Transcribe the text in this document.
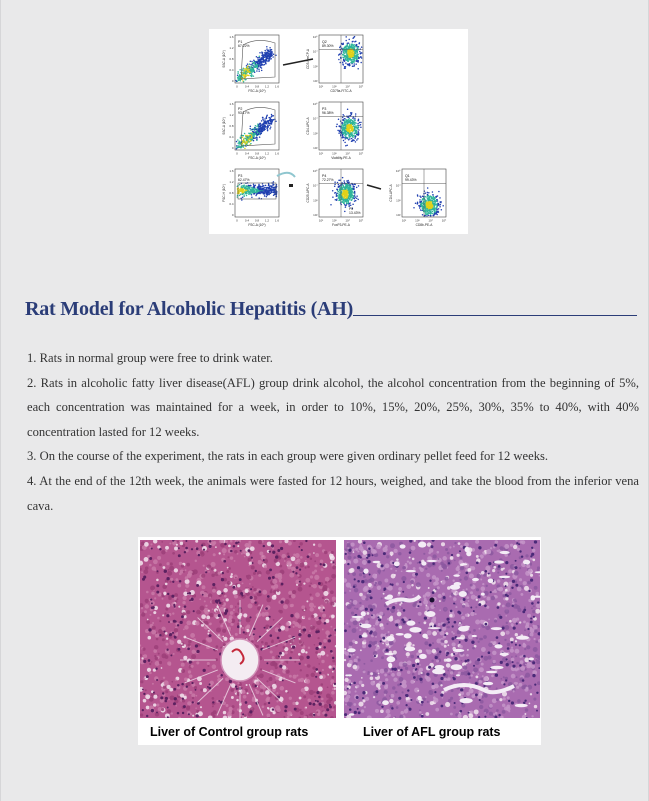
P1
67.22%
0
0
0.4
0.4
0.8
0.8
1.2
1.2
1.6
1.6
FSC-A (10⁵)
SSC-A (10⁵)
Q2
89.30%
10²
10²
10³
10³
10⁴
10⁴
10⁵
10⁵
CD79a-FITC-A
CD3-PerCP-A
P2
93.17%
0
0
0.4
0.4
0.8
0.8
1.2
1.2
1.6
1.6
FSC-A (10⁵)
SSC-A (10⁵)
P3
96.38%
10²
10²
10³
10³
10⁴
10⁴
10⁵
10⁵
Viability-PE-A
CD4-APC-A
P3
62.47%
0
0
0.4
0.4
0.8
0.8
1.2
1.2
1.6
1.6
FSC-A (10⁵)
FSC-H (10⁵)
P4
72.27%
P5
13.43%
10²
10²
10³
10³
10⁴
10⁴
10⁵
10⁵
FoxP3-PE-A
CD25-APC-A
Q1
99.43%
10²
10²
10³
10³
10⁴
10⁴
10⁵
10⁵
CD8b-PE-A
CD4-APC-A
Rat Model for Alcoholic Hepatitis (AH)

1. Rats in normal group were free to drink water.

2. Rats in alcoholic fatty liver disease(AFL) group drink alcohol, the alcohol concentration from the beginning of 5%, each concentration was maintained for a week, in order to 10%, 15%, 20%, 25%, 30%, 35% to 40%, with 40% concentration lasted for 12 weeks.

3. On the course of the experiment, the rats in each group were given ordinary pellet feed for 12 weeks.

4. At the end of the 12th week, the animals were fasted for 12 hours, weighed, and take the blood from the inferior vena cava.

Liver of Control group rats	Liver of AFL group rats
